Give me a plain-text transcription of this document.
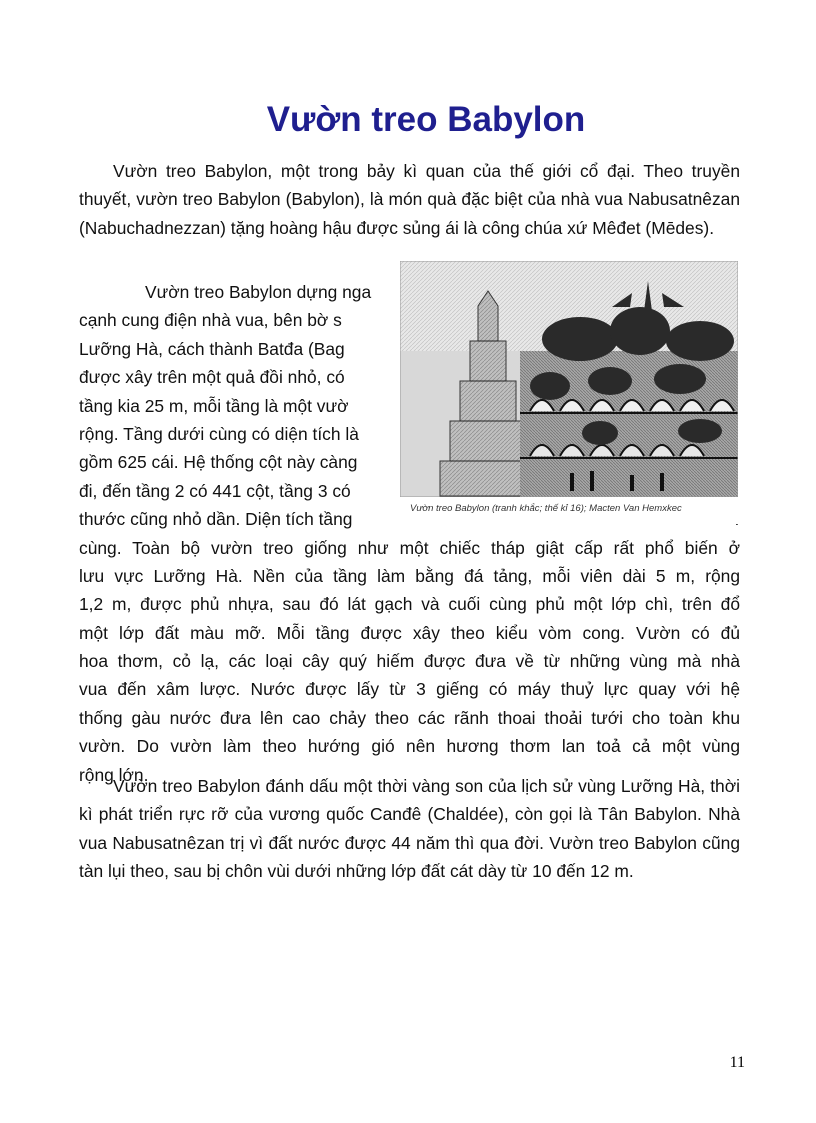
Vườn treo Babylon

Vườn treo Babylon, một trong bảy kì quan của thế giới cổ đại. Theo truyền thuyết, vườn treo Babylon (Babylon), là món quà đặc biệt của nhà vua Nabusatnêzan (Nabuchadnezzan) tặng hoàng hậu được sủng ái là công chúa xứ Mêđet (Mēdes).

Vườn treo Babylon dựng nga
cạnh cung điện nhà vua, bên bờ s
Lưỡng Hà, cách thành Batđa (Bag
được xây trên một quả đồi nhỏ, có
tầng kia 25 m, mỗi tầng là một vườ
rộng. Tầng dưới cùng có diện tích là
gồm 625 cái. Hệ thống cột này càng
đi, đến tầng 2 có 441 cột, tầng 3 có
thước cũng nhỏ dần. Diện tích tầng
cùng. Toàn bộ vườn treo giống như một chiếc tháp giật cấp rất phổ biến ở
lưu vực Lưỡng Hà. Nền của tầng làm bằng đá tảng, mỗi viên dài 5 m, rộng
1,2 m, được phủ nhựa, sau đó lát gạch và cuối cùng phủ một lớp chì, trên đổ
một lớp đất màu mỡ. Mỗi tầng được xây theo kiểu vòm cong. Vườn có đủ
hoa thơm, cỏ lạ, các loại cây quý hiếm được đưa về từ những vùng mà nhà
vua đến xâm lược. Nước được lấy từ 3 giếng có máy thuỷ lực quay với hệ
thống gàu nước đưa lên cao chảy theo các rãnh thoai thoải tưới cho toàn khu
vườn. Do vườn làm theo hướng gió nên hương thơm lan toả cả một vùng
rộng lớn.
Vườn treo Babylon (tranh khắc; thế kỉ 16); Macten Van Hemxkec

Vườn treo Babylon đánh dấu một thời vàng son của lịch sử vùng Lưỡng Hà, thời kì phát triển rực rỡ của vương quốc Canđê (Chaldée), còn gọi là Tân Babylon. Nhà vua Nabusatnêzan trị vì đất nước được 44 năm thì qua đời. Vườn treo Babylon cũng tàn lụi theo, sau bị chôn vùi dưới những lớp đất cát dày từ 10 đến 12 m.

11
